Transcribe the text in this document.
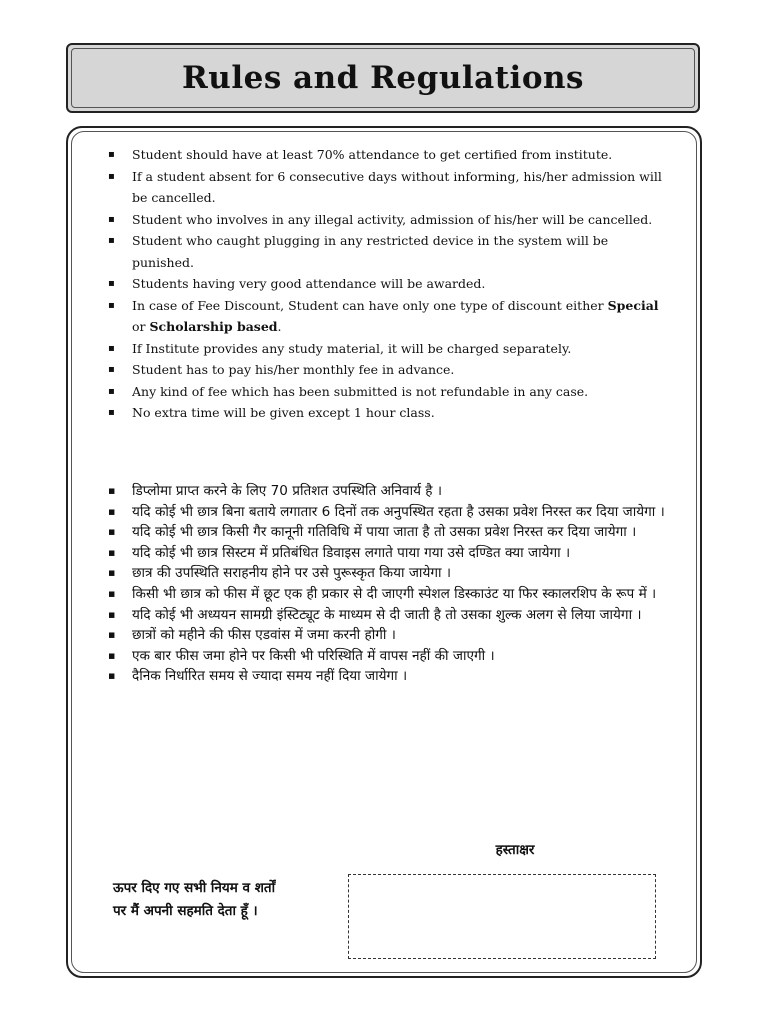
Rules and Regulations
▪ Student should have at least 70% attendance to get certified from institute.
▪ If a student absent for 6 consecutive days without informing, his/her admission will be cancelled.
▪ Student who involves in any illegal activity, admission of his/her will be cancelled.
▪ Student who caught plugging in any restricted device in the system will be punished.
▪ Students having very good attendance will be awarded.
▪ In case of Fee Discount, Student can have only one type of discount either Special or Scholarship based.
▪ If Institute provides any study material, it will be charged separately.
▪ Student has to pay his/her monthly fee in advance.
▪ Any kind of fee which has been submitted is not refundable in any case.
▪ No extra time will be given except 1 hour class.
▪ डिप्लोमा प्राप्त करने के लिए 70 प्रतिशत उपस्थिति अनिवार्य है ।
▪ यदि कोई भी छात्र बिना बताये लगातार 6 दिनों तक अनुपस्थित रहता है उसका प्रवेश निरस्त कर दिया जायेगा ।
▪ यदि कोई भी छात्र किसी गैर कानूनी गतिविधि में पाया जाता है तो उसका प्रवेश निरस्त कर दिया जायेगा ।
▪ यदि कोई भी छात्र सिस्टम में प्रतिबंधित डिवाइस लगाते पाया गया उसे दण्डित क्या जायेगा ।
▪ छात्र की उपस्थिति सराहनीय होने पर उसे पुरूस्कृत किया जायेगा ।
▪ किसी भी छात्र को फीस में छूट एक ही प्रकार से दी जाएगी स्पेशल डिस्काउंट या फिर स्कालरशिप के रूप में ।
▪ यदि कोई भी अध्ययन सामग्री इंस्टिट्यूट के माध्यम से दी जाती है तो उसका शुल्क अलग से लिया जायेगा ।
▪ छात्रों को महीने की फीस एडवांस में जमा करनी होगी ।
▪ एक बार फीस जमा होने पर किसी भी परिस्थिति में वापस नहीं की जाएगी ।
▪ दैनिक निर्धारित समय से ज्यादा समय नहीं दिया जायेगा ।
हस्ताक्षर
ऊपर दिए गए सभी नियम व शर्तों
पर मैं अपनी सहमति देता हूँ ।
